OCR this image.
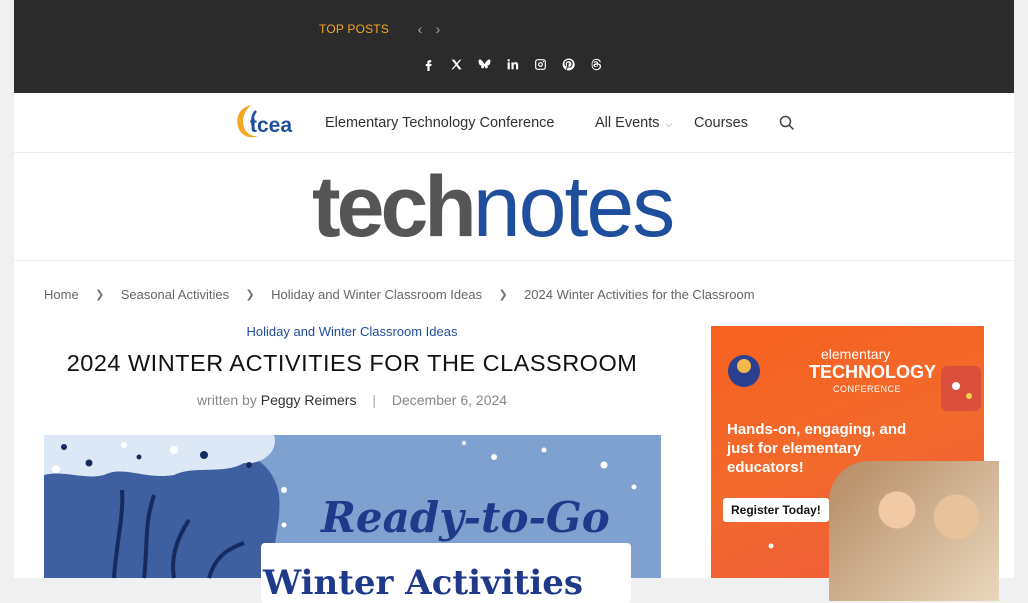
TOP POSTS	‹ ›
tcea Elementary Technology Conference	All Events ⌵ Courses
technotes
Home	❯	Seasonal Activities	❯	Holiday and Winter Classroom Ideas	❯	2024 Winter Activities for the Classroom
Holiday and Winter Classroom Ideas
2024 WINTER ACTIVITIES FOR THE CLASSROOM
written by Peggy Reimers | December 6, 2024
Ready-to-Go
Winter Activities
elementary
TECHNOLOGY
CONFERENCE
Hands-on, engaging, and just for elementary educators!
Register Today!
